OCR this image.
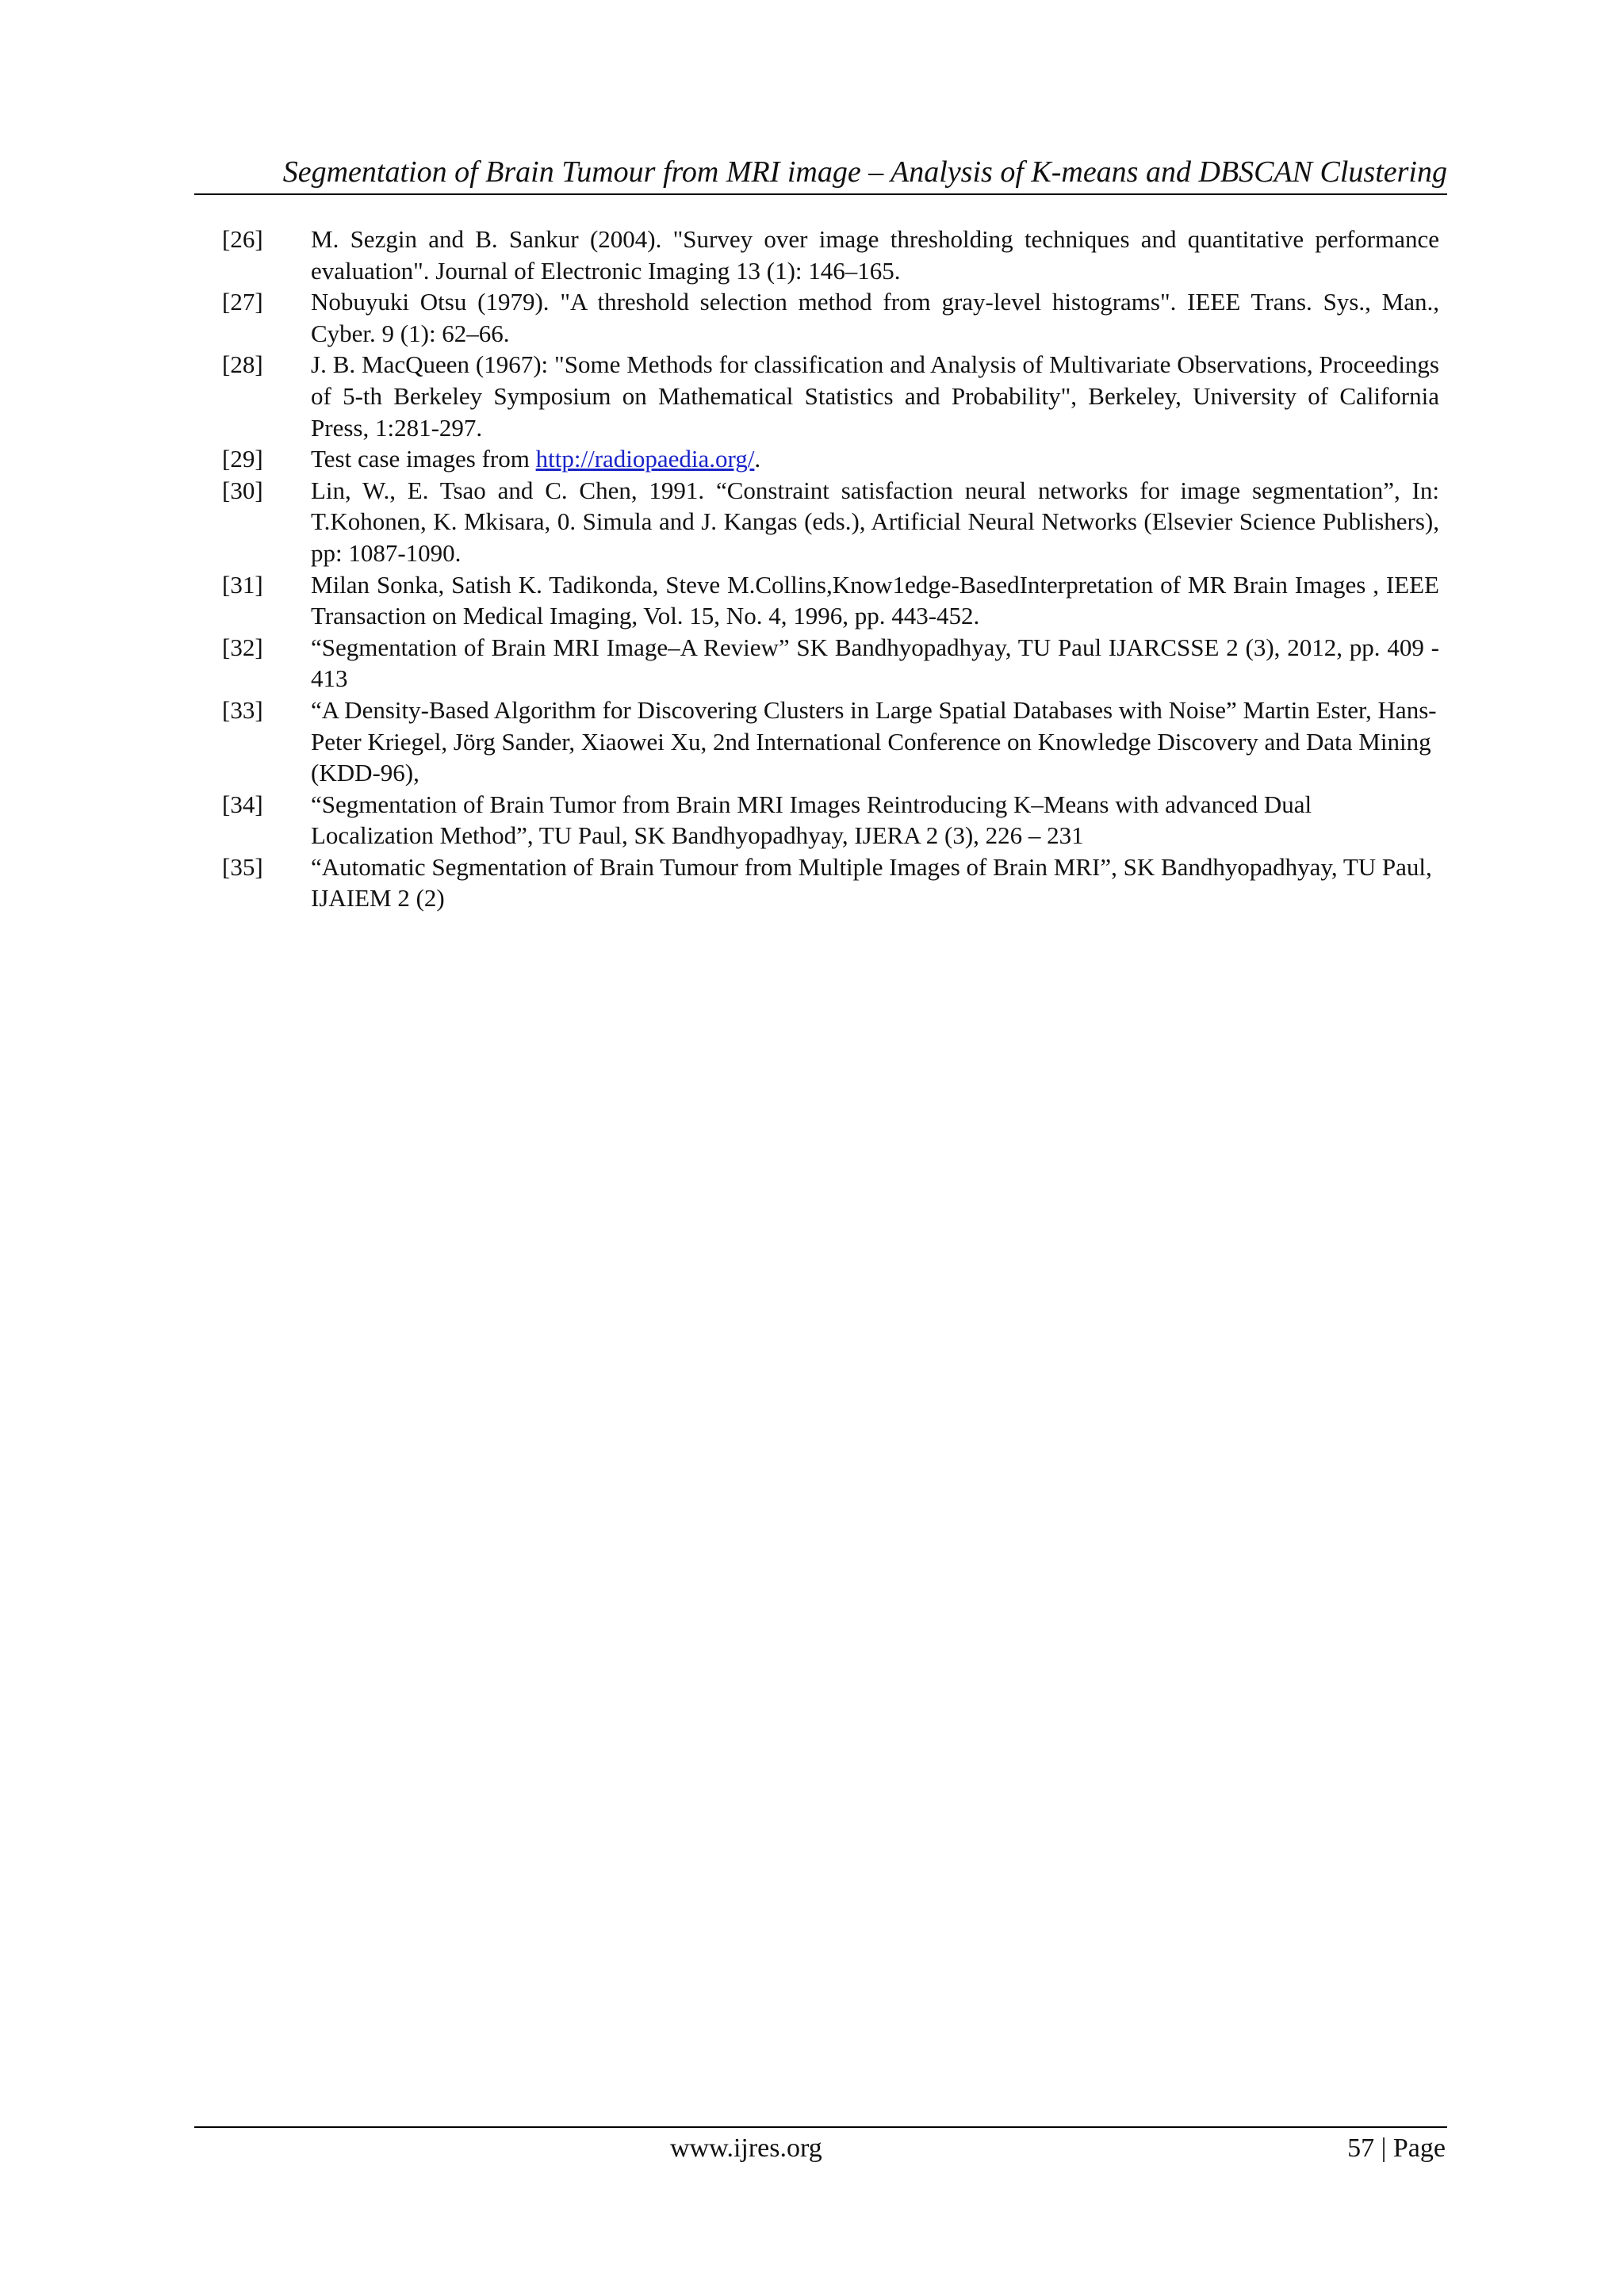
Segmentation of Brain Tumour from MRI image – Analysis of K-means and DBSCAN Clustering
[26] M. Sezgin and B. Sankur (2004). "Survey over image thresholding techniques and quantitative performance evaluation". Journal of Electronic Imaging 13 (1): 146–165.
[27] Nobuyuki Otsu (1979). "A threshold selection method from gray-level histograms". IEEE Trans. Sys., Man., Cyber. 9 (1): 62–66.
[28] J. B. MacQueen (1967): "Some Methods for classification and Analysis of Multivariate Observations, Proceedings of 5-th Berkeley Symposium on Mathematical Statistics and Probability", Berkeley, University of California Press, 1:281-297.
[29] Test case images from http://radiopaedia.org/.
[30] Lin, W., E. Tsao and C. Chen, 1991. “Constraint satisfaction neural networks for image segmentation”, In: T.Kohonen, K. Mkisara, 0. Simula and J. Kangas (eds.), Artificial Neural Networks (Elsevier Science Publishers), pp: 1087-1090.
[31] Milan Sonka, Satish K. Tadikonda, Steve M.Collins,Know1edge-BasedInterpretation of MR Brain Images , IEEE Transaction on Medical Imaging, Vol. 15, No. 4, 1996, pp. 443-452.
[32] “Segmentation of Brain MRI Image–A Review” SK Bandhyopadhyay, TU Paul IJARCSSE 2 (3), 2012, pp. 409 - 413
[33] “A Density-Based Algorithm for Discovering Clusters in Large Spatial Databases with Noise” Martin Ester, Hans-Peter Kriegel, Jörg Sander, Xiaowei Xu, 2nd International Conference on Knowledge Discovery and Data Mining (KDD-96),
[34] “Segmentation of Brain Tumor from Brain MRI Images Reintroducing K–Means with advanced Dual Localization Method”, TU Paul, SK Bandhyopadhyay, IJERA 2 (3), 226 – 231
[35] “Automatic Segmentation of Brain Tumour from Multiple Images of Brain MRI”, SK Bandhyopadhyay, TU Paul, IJAIEM 2 (2)
www.ijres.org	57 | Page
